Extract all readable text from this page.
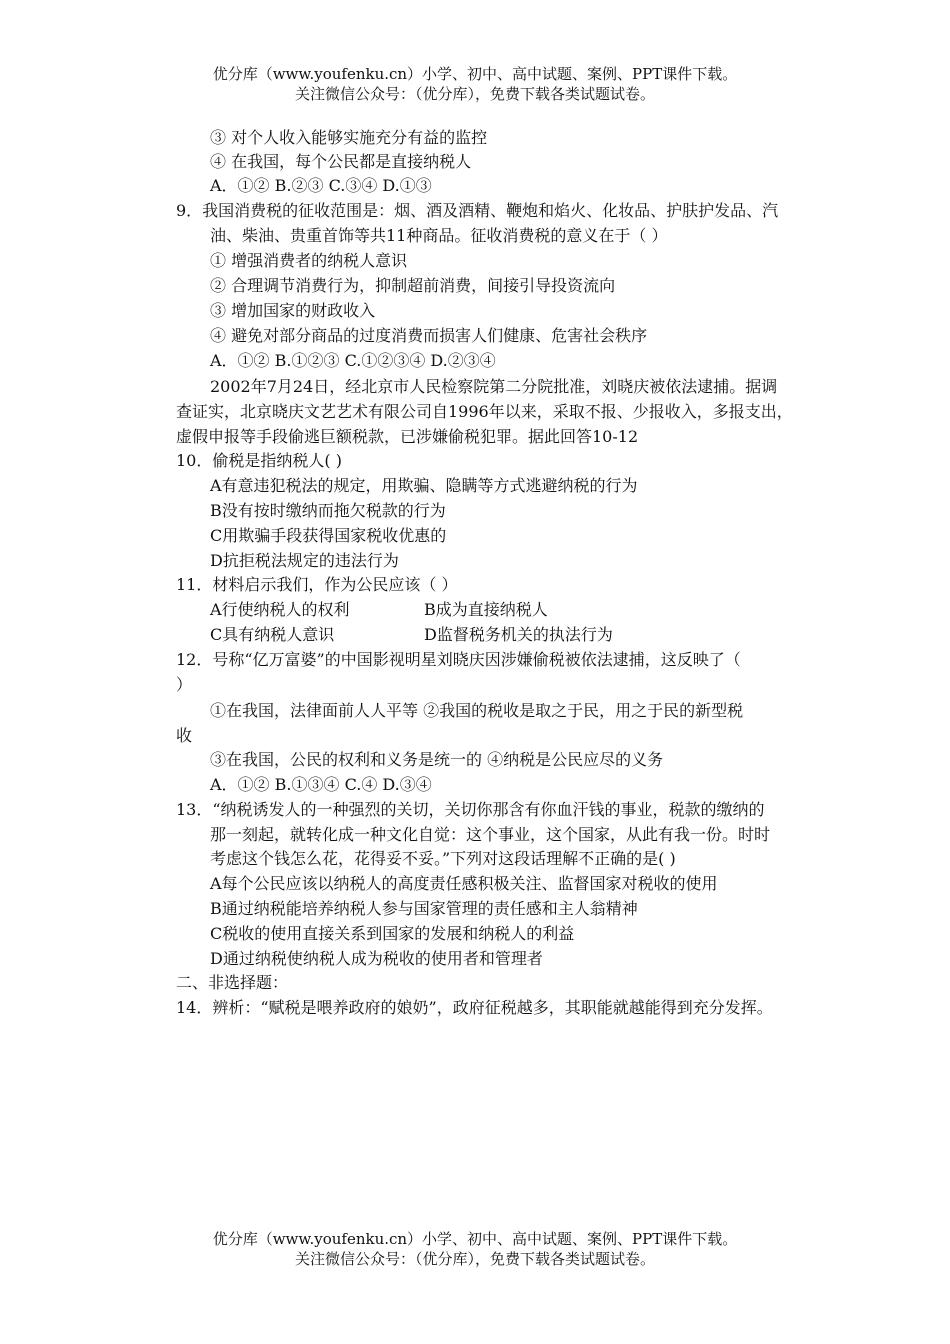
优分库（www.youfenku.cn）小学、初中、高中试题、案例、PPT课件下载。
关注微信公众号：（优分库），免费下载各类试题试卷。
③ 对个人收入能够实施充分有益的监控
④ 在我国，每个公民都是直接纳税人
A．①② B.②③ C.③④ D.①③
9．我国消费税的征收范围是：烟、酒及酒精、鞭炮和焰火、化妆品、护肤护发品、汽
油、柴油、贵重首饰等共11种商品。征收消费税的意义在于（ ）
① 增强消费者的纳税人意识
② 合理调节消费行为，抑制超前消费，间接引导投资流向
③ 增加国家的财政收入
④ 避免对部分商品的过度消费而损害人们健康、危害社会秩序
A．①② B.①②③ C.①②③④ D.②③④
2002年7月24日，经北京市人民检察院第二分院批准，刘晓庆被依法逮捕。据调
查证实，北京晓庆文艺艺术有限公司自1996年以来，采取不报、少报收入，多报支出，
虚假申报等手段偷逃巨额税款，已涉嫌偷税犯罪。据此回答10-12
10．偷税是指纳税人( )
A有意违犯税法的规定，用欺骗、隐瞒等方式逃避纳税的行为
B没有按时缴纳而拖欠税款的行为
C用欺骗手段获得国家税收优惠的
D抗拒税法规定的违法行为
11．材料启示我们，作为公民应该（ ）
A行使纳税人的权利	B成为直接纳税人
C具有纳税人意识	D监督税务机关的执法行为
12．号称“亿万富婆”的中国影视明星刘晓庆因涉嫌偷税被依法逮捕，这反映了（
）
①在我国，法律面前人人平等 ②我国的税收是取之于民，用之于民的新型税
收
③在我国，公民的权利和义务是统一的 ④纳税是公民应尽的义务
A．①② B.①③④ C.④ D.③④
13．“纳税诱发人的一种强烈的关切，关切你那含有你血汗钱的事业，税款的缴纳的
那一刻起，就转化成一种文化自觉：这个事业，这个国家，从此有我一份。时时
考虑这个钱怎么花，花得妥不妥。”下列对这段话理解不正确的是( )
A每个公民应该以纳税人的高度责任感积极关注、监督国家对税收的使用
B通过纳税能培养纳税人参与国家管理的责任感和主人翁精神
C税收的使用直接关系到国家的发展和纳税人的利益
D通过纳税使纳税人成为税收的使用者和管理者
二、非选择题：
14．辨析：“赋税是喂养政府的娘奶”，政府征税越多，其职能就越能得到充分发挥。
优分库（www.youfenku.cn）小学、初中、高中试题、案例、PPT课件下载。
关注微信公众号：（优分库），免费下载各类试题试卷。
